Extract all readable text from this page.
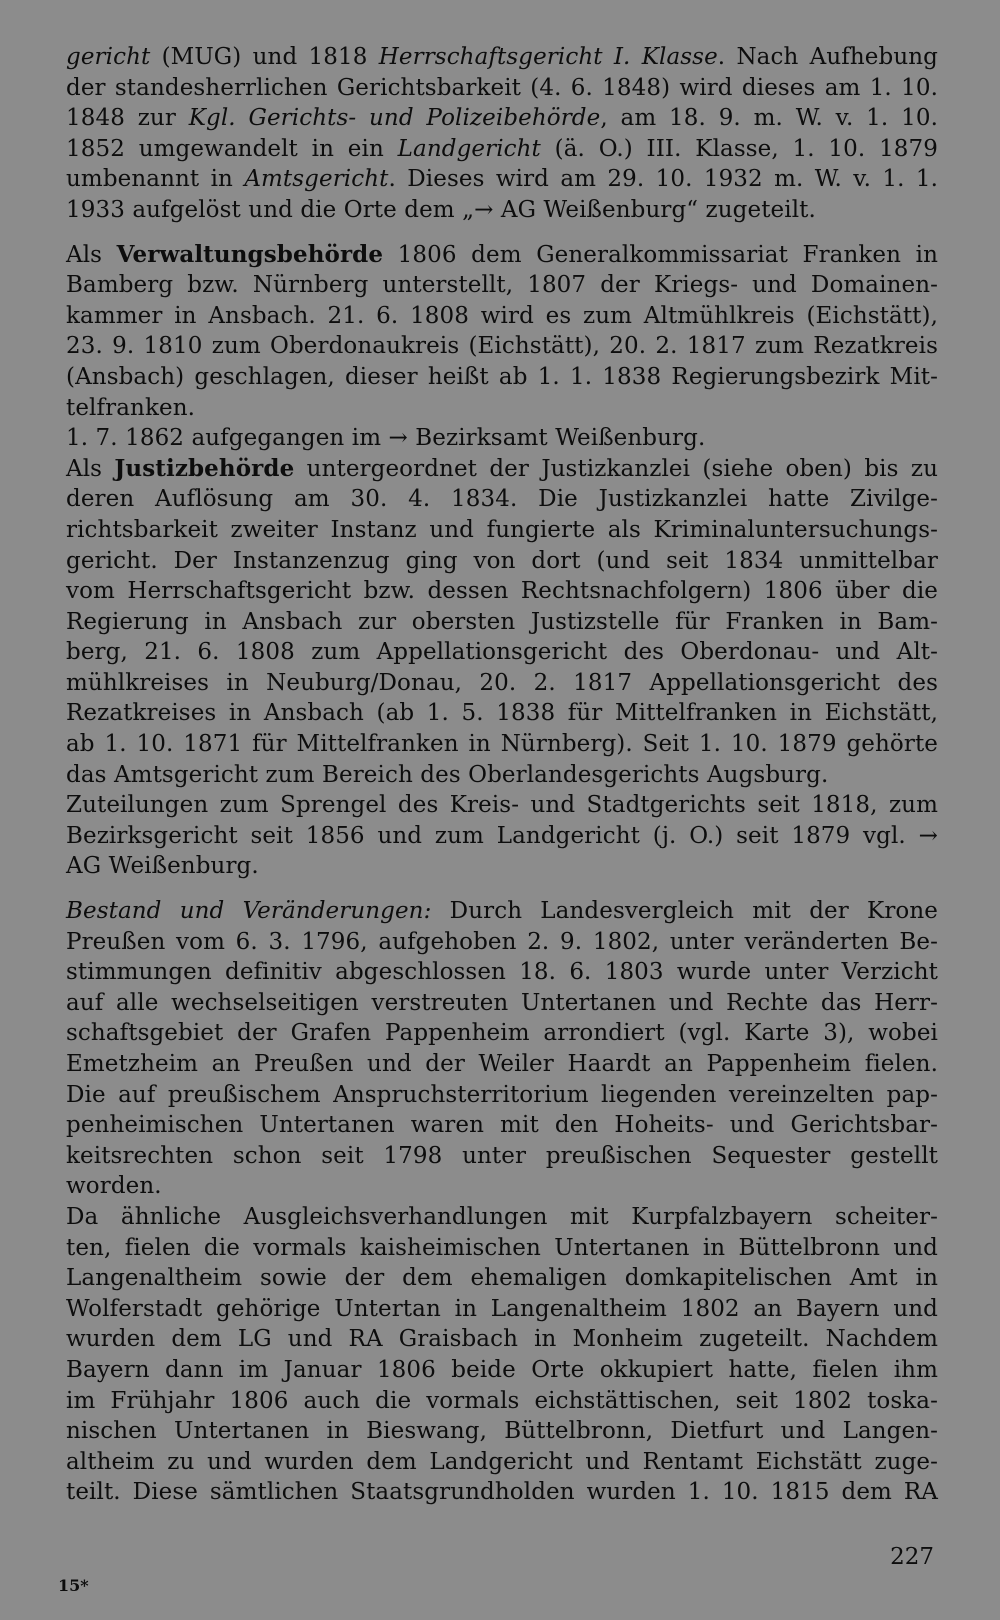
gericht (MUG) und 1818 Herrschaftsgericht I. Klasse. Nach Aufhebung
der standesherrlichen Gerichtsbarkeit (4. 6. 1848) wird dieses am 1. 10.
1848 zur Kgl. Gerichts- und Polizeibehörde, am 18. 9. m. W. v. 1. 10.
1852 umgewandelt in ein Landgericht (ä. O.) III. Klasse, 1. 10. 1879
umbenannt in Amtsgericht. Dieses wird am 29. 10. 1932 m. W. v. 1. 1.
1933 aufgelöst und die Orte dem „→ AG Weißenburg“ zugeteilt.
Als Verwaltungsbehörde 1806 dem Generalkommissariat Franken in
Bamberg bzw. Nürnberg unterstellt, 1807 der Kriegs- und Domainen-
kammer in Ansbach. 21. 6. 1808 wird es zum Altmühlkreis (Eichstätt),
23. 9. 1810 zum Oberdonaukreis (Eichstätt), 20. 2. 1817 zum Rezatkreis
(Ansbach) geschlagen, dieser heißt ab 1. 1. 1838 Regierungsbezirk Mit-
telfranken.
1. 7. 1862 aufgegangen im → Bezirksamt Weißenburg.
Als Justizbehörde untergeordnet der Justizkanzlei (siehe oben) bis zu
deren Auflösung am 30. 4. 1834. Die Justizkanzlei hatte Zivilge-
richtsbarkeit zweiter Instanz und fungierte als Kriminaluntersuchungs-
gericht. Der Instanzenzug ging von dort (und seit 1834 unmittelbar
vom Herrschaftsgericht bzw. dessen Rechtsnachfolgern) 1806 über die
Regierung in Ansbach zur obersten Justizstelle für Franken in Bam-
berg, 21. 6. 1808 zum Appellationsgericht des Oberdonau- und Alt-
mühlkreises in Neuburg/Donau, 20. 2. 1817 Appellationsgericht des
Rezatkreises in Ansbach (ab 1. 5. 1838 für Mittelfranken in Eichstätt,
ab 1. 10. 1871 für Mittelfranken in Nürnberg). Seit 1. 10. 1879 gehörte
das Amtsgericht zum Bereich des Oberlandesgerichts Augsburg.
Zuteilungen zum Sprengel des Kreis- und Stadtgerichts seit 1818, zum
Bezirksgericht seit 1856 und zum Landgericht (j. O.) seit 1879 vgl. →
AG Weißenburg.
Bestand und Veränderungen: Durch Landesvergleich mit der Krone
Preußen vom 6. 3. 1796, aufgehoben 2. 9. 1802, unter veränderten Be-
stimmungen definitiv abgeschlossen 18. 6. 1803 wurde unter Verzicht
auf alle wechselseitigen verstreuten Untertanen und Rechte das Herr-
schaftsgebiet der Grafen Pappenheim arrondiert (vgl. Karte 3), wobei
Emetzheim an Preußen und der Weiler Haardt an Pappenheim fielen.
Die auf preußischem Anspruchsterritorium liegenden vereinzelten pap-
penheimischen Untertanen waren mit den Hoheits- und Gerichtsbar-
keitsrechten schon seit 1798 unter preußischen Sequester gestellt
worden.
Da ähnliche Ausgleichsverhandlungen mit Kurpfalzbayern scheiter-
ten, fielen die vormals kaisheimischen Untertanen in Büttelbronn und
Langenaltheim sowie der dem ehemaligen domkapitelischen Amt in
Wolferstadt gehörige Untertan in Langenaltheim 1802 an Bayern und
wurden dem LG und RA Graisbach in Monheim zugeteilt. Nachdem
Bayern dann im Januar 1806 beide Orte okkupiert hatte, fielen ihm
im Frühjahr 1806 auch die vormals eichstättischen, seit 1802 toska-
nischen Untertanen in Bieswang, Büttelbronn, Dietfurt und Langen-
altheim zu und wurden dem Landgericht und Rentamt Eichstätt zuge-
teilt. Diese sämtlichen Staatsgrundholden wurden 1. 10. 1815 dem RA
227
15*
